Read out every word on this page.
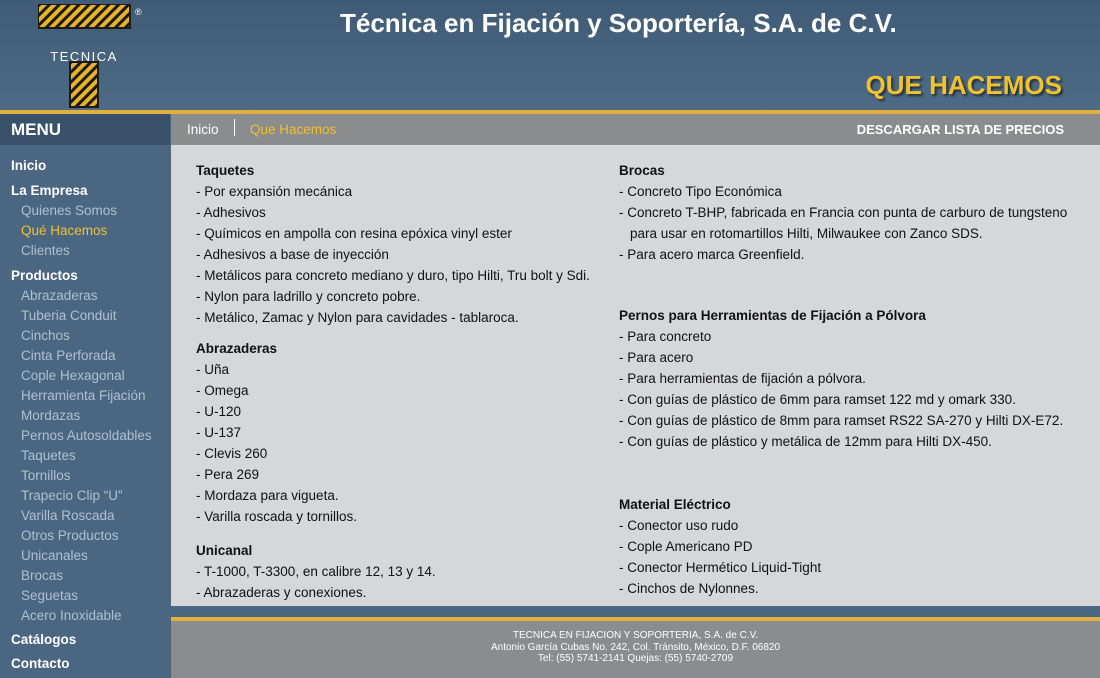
TECNICA
®	Técnica en Fijación y Soportería, S.A. de C.V.
QUE HACEMOS
MENU
Inicio
La Empresa
Quienes Somos
Qué Hacemos
Clientes
Productos
Abrazaderas
Tuberia Conduit
Cinchos
Cinta Perforada
Cople Hexagonal
Herramienta Fijación
Mordazas
Pernos Autosoldables
Taquetes
Tornillos
Trapecio Clip “U”
Varilla Roscada
Otros Productos
Unicanales
Brocas
Seguetas
Acero Inoxidable
Catálogos
Contacto
Inicio Que Hacemos	DESCARGAR LISTA DE PRECIOS
Taquetes
- Por expansión mecánica
- Adhesivos
- Químicos en ampolla con resina epóxica vinyl ester
- Adhesivos a base de inyección
- Metálicos para concreto mediano y duro, tipo Hilti, Tru bolt y Sdi.
- Nylon para ladrillo y concreto pobre.
- Metálico, Zamac y Nylon para cavidades - tablaroca.
Abrazaderas
- Uña
- Omega
- U-120
- U-137
- Clevis 260
- Pera 269
- Mordaza para vigueta.
- Varilla roscada y tornillos.
Unicanal
- T-1000, T-3300, en calibre 12, 13 y 14.
- Abrazaderas y conexiones.
Brocas
- Concreto Tipo Económica
- Concreto T-BHP, fabricada en Francia con punta de carburo de tungsteno
para usar en rotomartillos Hilti, Milwaukee con Zanco SDS.
- Para acero marca Greenfield.
Pernos para Herramientas de Fijación a Pólvora
- Para concreto
- Para acero
- Para herramientas de fijación a pólvora.
- Con guías de plástico de 6mm para ramset 122 md y omark 330.
- Con guías de plástico de 8mm para ramset RS22 SA-270 y Hilti DX-E72.
- Con guías de plástico y metálica de 12mm para Hilti DX-450.
Material Eléctrico
- Conector uso rudo
- Cople Americano PD
- Conector Hermético Liquid-Tight
- Cinchos de Nylonnes.
TECNICA EN FIJACION Y SOPORTERIA, S.A. de C.V.
Antonio García Cubas No. 242, Col. Tránsito, México, D.F. 06820
Tel: (55) 5741-2141 Quejas: (55) 5740-2709
